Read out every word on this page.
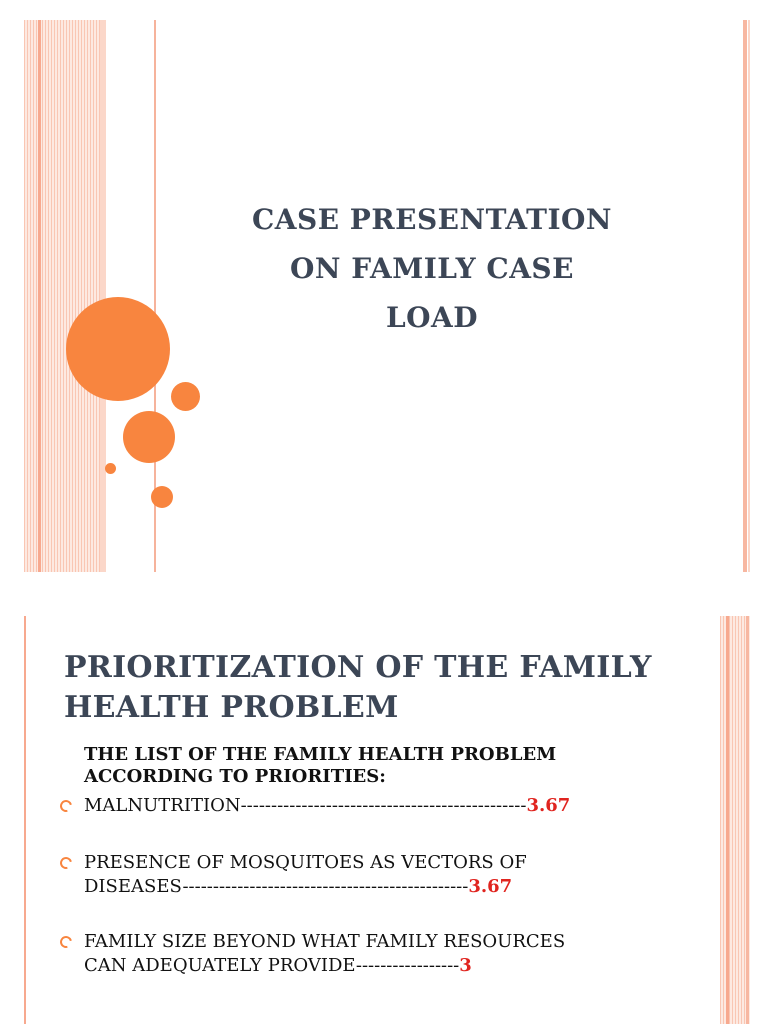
CASE PRESENTATION
ON FAMILY CASE
LOAD
PRIORITIZATION OF THE FAMILY
HEALTH PROBLEM
THE LIST OF THE FAMILY HEALTH PROBLEM
ACCORDING TO PRIORITIES:
MALNUTRITION-----------------------------------------------3.67
PRESENCE OF MOSQUITOES AS VECTORS OF
DISEASES-----------------------------------------------3.67
FAMILY SIZE BEYOND WHAT FAMILY RESOURCES
CAN ADEQUATELY PROVIDE-----------------3
